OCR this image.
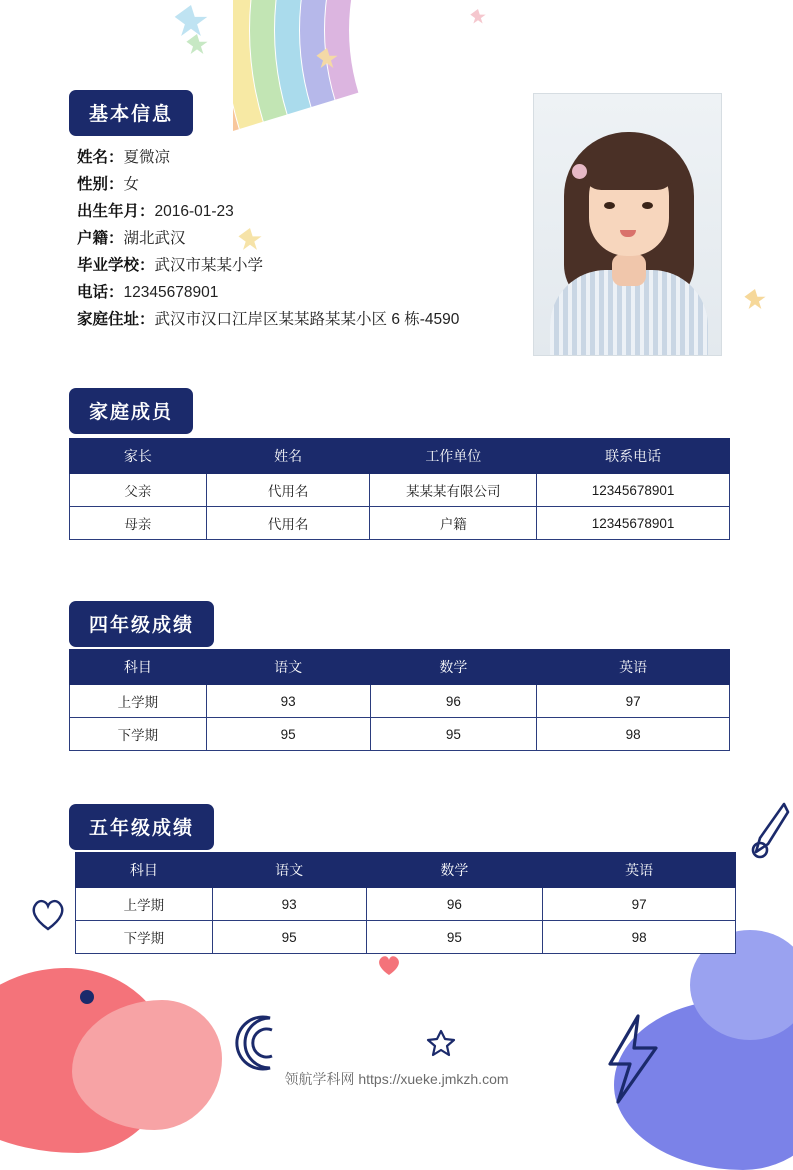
基本信息
姓名：夏微凉
性别：女
出生年月：2016-01-23
户籍：湖北武汉
毕业学校：武汉市某某小学
电话：12345678901
家庭住址：武汉市汉口江岸区某某路某某小区 6 栋-4590
家庭成员
家长	姓名	工作单位	联系电话
父亲	代用名	某某某有限公司	12345678901
母亲	代用名	户籍	12345678901
四年级成绩
科目	语文	数学	英语
上学期	93	96	97
下学期	95	95	98
五年级成绩
科目	语文	数学	英语
上学期	93	96	97
下学期	95	95	98
领航学科网 https://xueke.jmkzh.com
